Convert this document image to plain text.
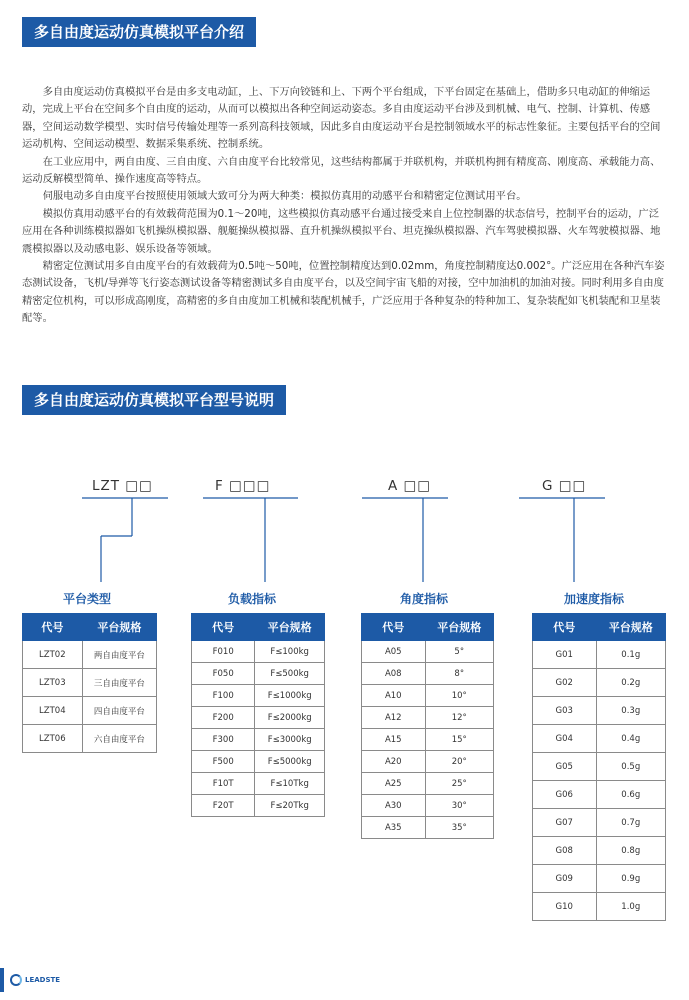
多自由度运动仿真模拟平台介绍

多自由度运动仿真模拟平台是由多支电动缸，上、下万向铰链和上、下两个平台组成，下平台固定在基础上，借助多只电动缸的伸缩运动，完成上平台在空间多个自由度的运动，从而可以模拟出各种空间运动姿态。多自由度运动平台涉及到机械、电气、控制、计算机、传感器，空间运动数学模型、实时信号传输处理等一系列高科技领域，因此多自由度运动平台是控制领域水平的标志性象征。主要包括平台的空间运动机构、空间运动模型、数据采集系统、控制系统。

在工业应用中，两自由度、三自由度、六自由度平台比较常见，这些结构都属于并联机构，并联机构拥有精度高、刚度高、承载能力高、运动反解模型简单、操作速度高等特点。

伺服电动多自由度平台按照使用领域大致可分为两大种类：模拟仿真用的动感平台和精密定位测试用平台。

模拟仿真用动感平台的有效载荷范围为0.1～20吨，这些模拟仿真动感平台通过接受来自上位控制器的状态信号，控制平台的运动，广泛应用在各种训练模拟器如飞机操纵模拟器、舰艇操纵模拟器、直升机操纵模拟平台、坦克操纵模拟器、汽车驾驶模拟器、火车驾驶模拟器、地震模拟器以及动感电影、娱乐设备等领域。

精密定位测试用多自由度平台的有效载荷为0.5吨～50吨，位置控制精度达到0.02mm，角度控制精度达0.002°。广泛应用在各种汽车姿态测试设备，飞机/导弹等飞行姿态测试设备等精密测试多自由度平台，以及空间宇宙飞船的对接，空中加油机的加油对接。同时利用多自由度精密定位机构，可以形成高刚度，高精密的多自由度加工机械和装配机械手，广泛应用于各种复杂的特种加工、复杂装配如飞机装配和卫星装配等。

多自由度运动仿真模拟平台型号说明
LZT □□	F □□□	A □□	G □□
平台类型	负载指标	角度指标	加速度指标
代号	平台规格
LZT02	两自由度平台
LZT03	三自由度平台
LZT04	四自由度平台
LZT06	六自由度平台
代号	平台规格
F010	F≤100kg
F050	F≤500kg
F100	F≤1000kg
F200	F≤2000kg
F300	F≤3000kg
F500	F≤5000kg
F10T	F≤10Tkg
F20T	F≤20Tkg
代号	平台规格
A05	5°
A08	8°
A10	10°
A12	12°
A15	15°
A20	20°
A25	25°
A30	30°
A35	35°
代号	平台规格
G01	0.1g
G02	0.2g
G03	0.3g
G04	0.4g
G05	0.5g
G06	0.6g
G07	0.7g
G08	0.8g
G09	0.9g
G10	1.0g
LEADSTE
